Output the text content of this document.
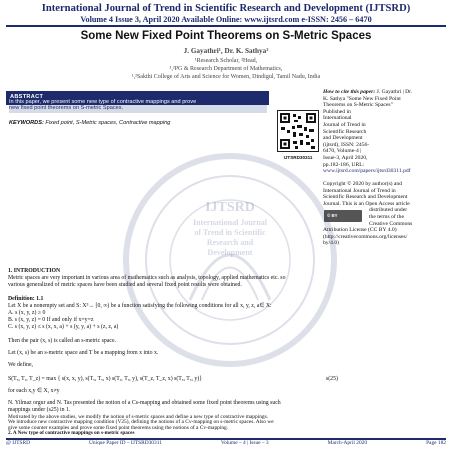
International Journal of Trend in Scientific Research and Development (IJTSRD)
Volume 4 Issue 3, April 2020 Available Online: www.ijtsrd.com e-ISSN: 2456 – 6470
Some New Fixed Point Theorems on S-Metric Spaces
J. Gayathri¹, Dr. K. Sathya²
¹Research Scholar, ²Head,
¹,²PG & Research Department of Mathematics,
¹,²Sakthi College of Arts and Science for Women, Dindigul, Tamil Nadu, India
ABSTRACT
In this paper, we present some new type of contractive mappings and prove
new fixed point theorems on S-metric Spaces.
KEYWORDS: Fixed point, S-Metric spaces, Contractive mapping
How to cite this paper: J. Gayathri | Dr.
K. Sathya "Some New Fixed Point
Theorems on S-Metric Spaces"
Published in
International
Journal of Trend in
Scientific Research
and Development
(ijtsrd), ISSN: 2456-
6470, Volume-4 |
Issue-3, April 2020,
pp.182-186, URL:
www.ijtsrd.com/papers/ijtsrd30311.pdf
IJTSRD30311
Copyright © 2020 by author(s) and
International Journal of Trend in
Scientific Research and Development
Journal. This is an Open Access article
distributed under
the terms of the
Creative Commons
Attribution License (CC BY 4.0)
(http://creativecommons.org/licenses/
by/4.0)
© BY
IJTSRD
International Journal
of Trend in Scientific
Research and
Development
1. INTRODUCTION
Metric spaces are very important in various area of mathematics such as analysis, topology, applied mathematics etc. so
various generalized of metric spaces have been studied and several fixed point results were obtained.
Definition: 1.1
Let X be a nonempty set and S: X³→ [0, ∞) be a function satisfying the following conditions for all x, y, z, a∈ X:
A. s (x, y, z) ≥ 0
B. s (x, y, z) = 0 If and only if x=y=z
C. s (x, y, z) ≤ s (x, x, a) + s (y, y, a) + s (z, z, a)
Then the pair (x, s) is called an s-metric space.
Let (x, s) be an s-metric space and T be a mapping from x into x.
We define,
S(Tₓ, Tᵧ, T_z) = max { s(x, x, y), s(Tₓ, Tₓ, x) s(Tᵧ, Tᵧ, y), s(T_z, T_z, x) s(Tₓ, Tₓ, y)}	s(25)
for each x,y ∈ X, x≠y
N. Yilmaz orgur and N. Tas presented the notion of a Cs-mapping and obtained some fixed point theorems using such
mappings under (s25) in 1.
Motivated by the above studies, we modify the notion of s-metric spaces and define a new type of contractive mappings.
We introduce new contractive mapping condition (V25), defining the notions of a Cv-mapping on s-metric spaces. Also we
give some counter examples and prove some fixed point theorems using the notions of a Cv-mapping.
2. A New type of contractive mappings on s-metric spaces
@ IJTSRD	Unique Paper ID – IJTSRD30311	Volume – 4 | Issue – 3	March-April 2020	Page 182
